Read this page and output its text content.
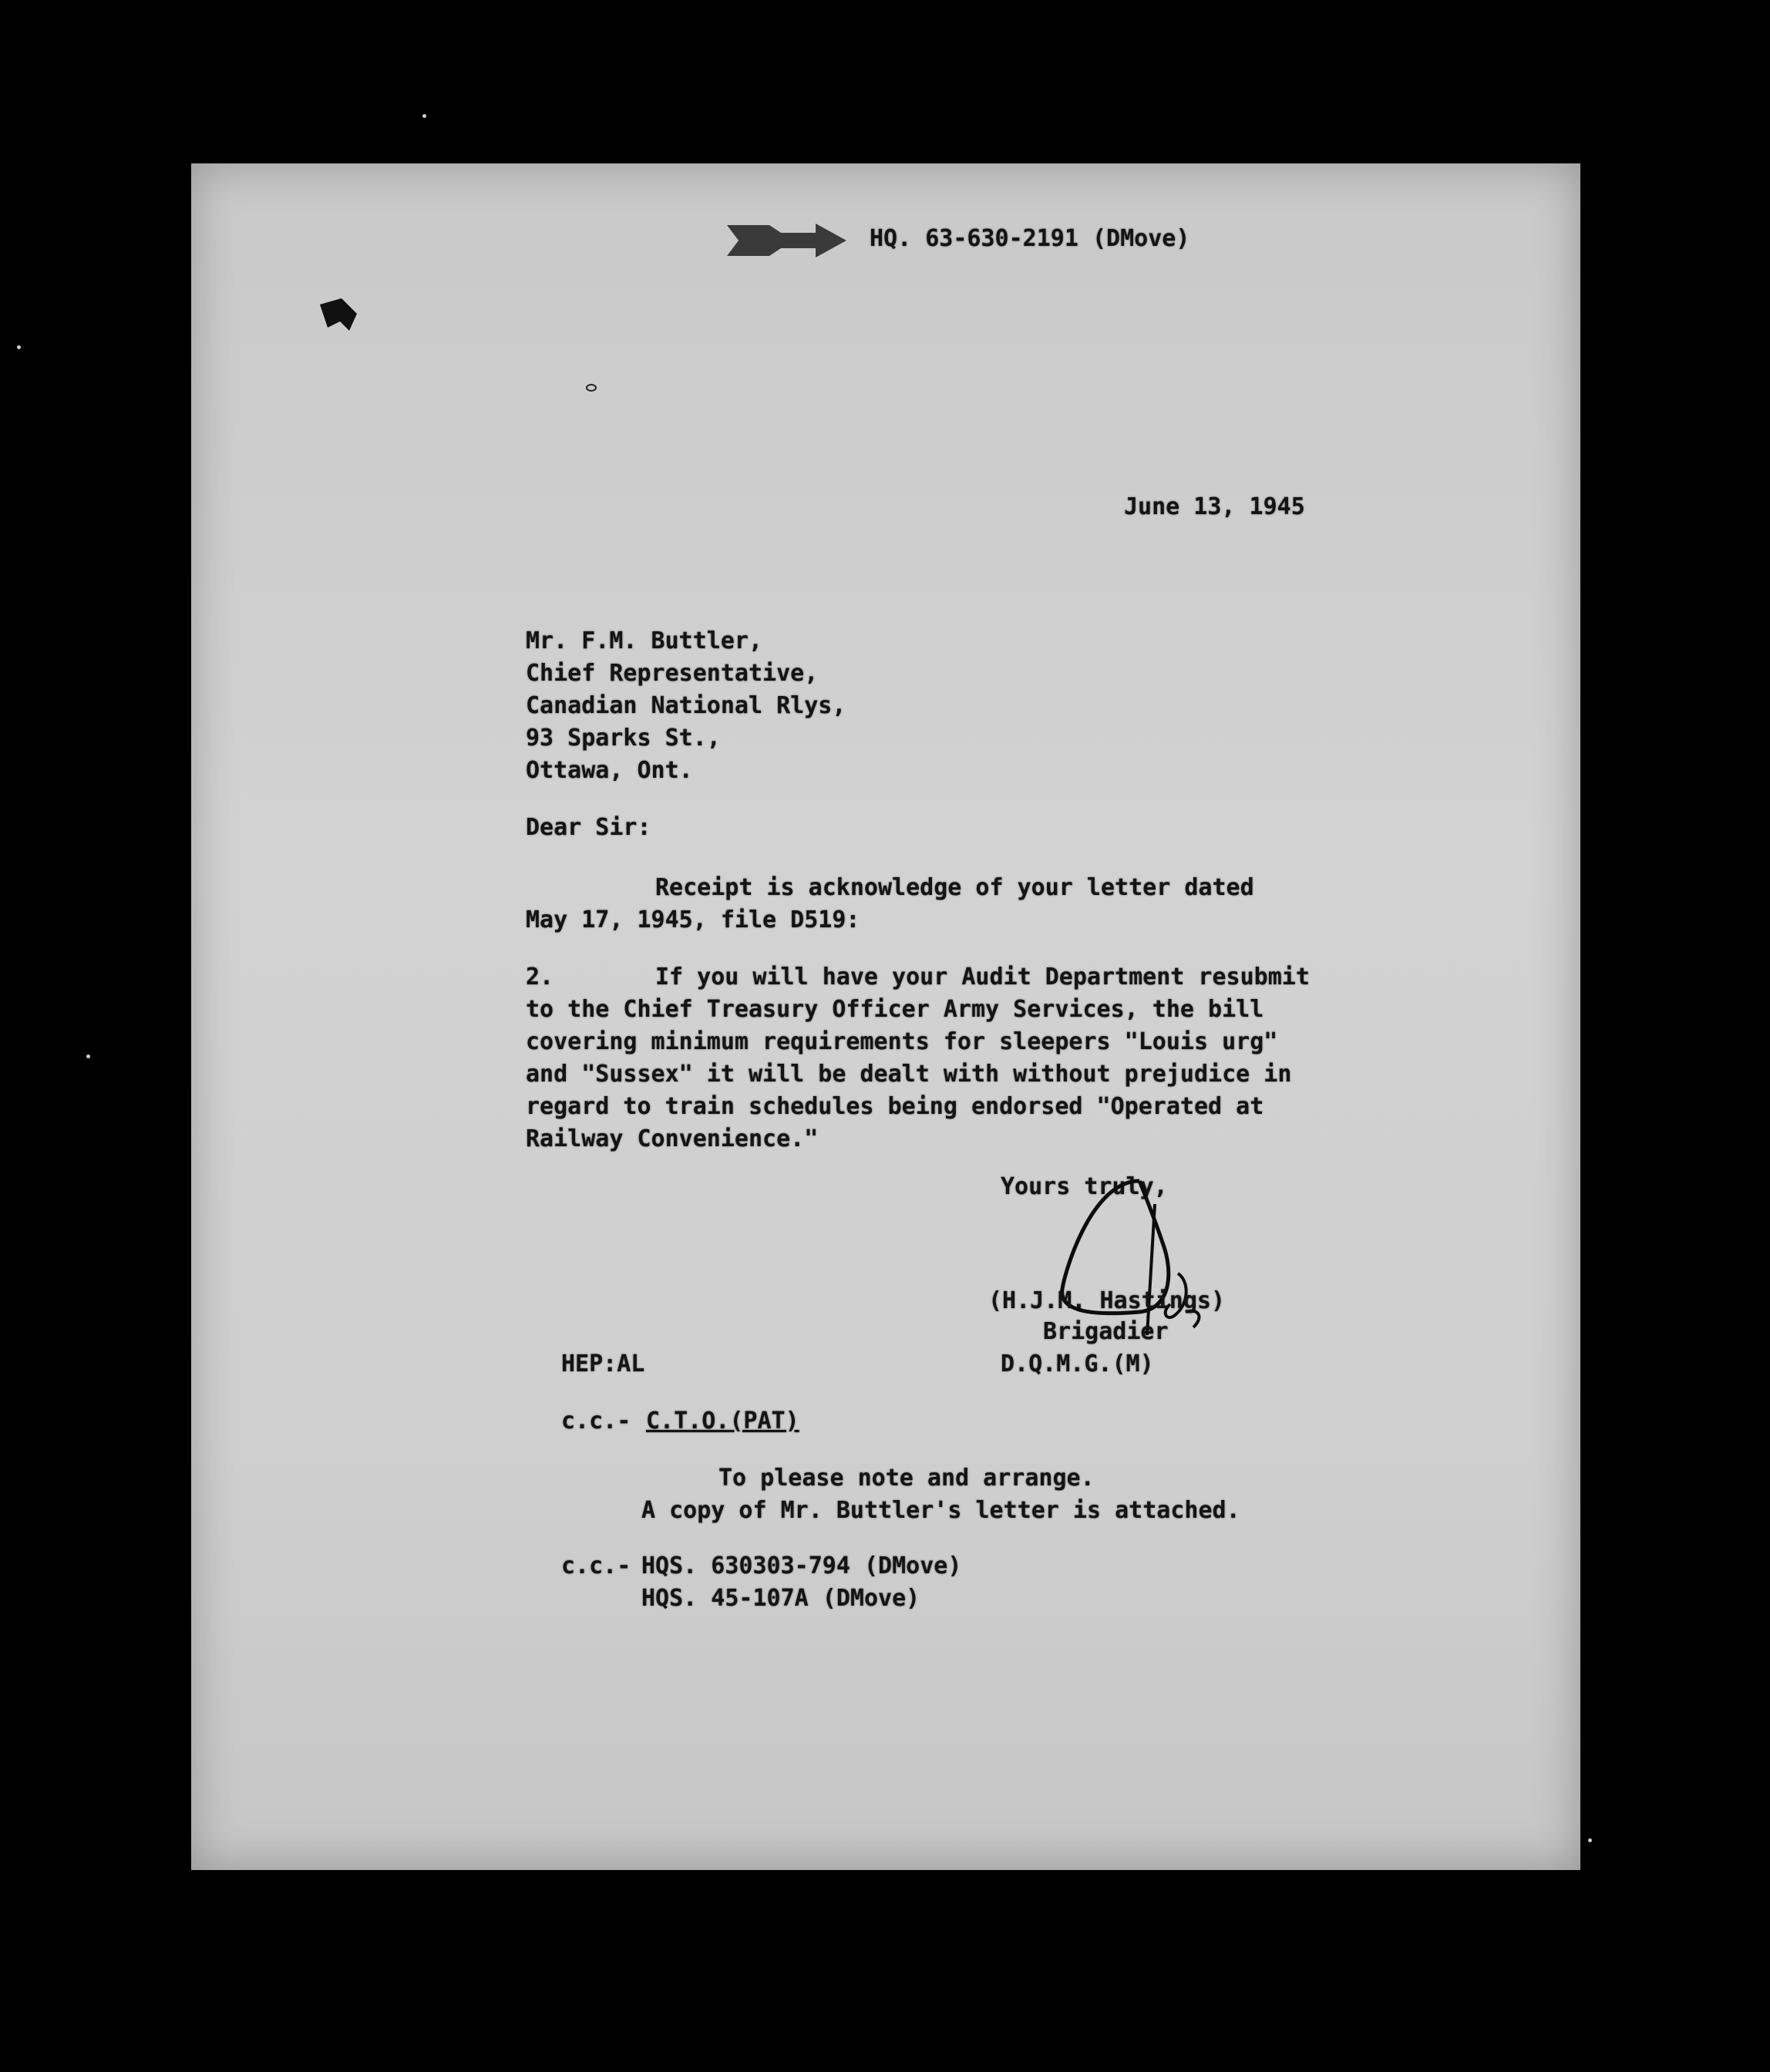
HQ. 63-630-2191 (DMove)
June 13, 1945
Mr. F.M. Buttler,
Chief Representative,
Canadian National Rlys,
93 Sparks St.,
Ottawa, Ont.
Dear Sir:
Receipt is acknowledge of your letter dated
May 17, 1945, file D519:
2.	If you will have your Audit Department resubmit
to the Chief Treasury Officer Army Services, the bill
covering minimum requirements for sleepers "Louis urg"
and "Sussex" it will be dealt with without prejudice in
regard to train schedules being endorsed "Operated at
Railway Convenience."
Yours truly,
(H.J.M. Hastings)
Brigadier
D.Q.M.G.(M)
HEP:AL
c.c.- C.T.O.(PAT)
To please note and arrange.
A copy of Mr. Buttler's letter is attached.
c.c.- HQS. 630303-794 (DMove)
HQS. 45-107A (DMove)
